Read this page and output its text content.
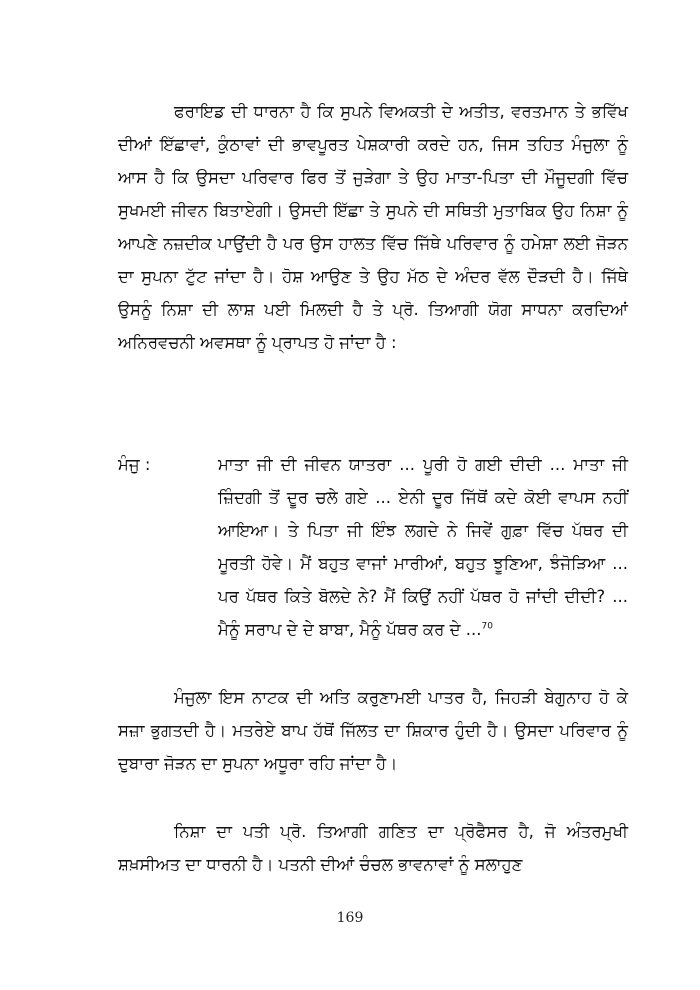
ਫਰਾਇਡ ਦੀ ਧਾਰਨਾ ਹੈ ਕਿ ਸੁਪਨੇ ਵਿਅਕਤੀ ਦੇ ਅਤੀਤ, ਵਰਤਮਾਨ ਤੇ ਭਵਿੱਖ ਦੀਆਂ ਇੱਛਾਵਾਂ, ਕੁੰਠਾਵਾਂ ਦੀ ਭਾਵਪੂਰਤ ਪੇਸ਼ਕਾਰੀ ਕਰਦੇ ਹਨ, ਜਿਸ ਤਹਿਤ ਮੰਜੁਲਾ ਨੂੰ ਆਸ ਹੈ ਕਿ ਉਸਦਾ ਪਰਿਵਾਰ ਫਿਰ ਤੋਂ ਜੁੜੇਗਾ ਤੇ ਉਹ ਮਾਤਾ-ਪਿਤਾ ਦੀ ਮੌਜੂਦਗੀ ਵਿੱਚ ਸੁਖਮਈ ਜੀਵਨ ਬਿਤਾਏਗੀ। ਉਸਦੀ ਇੱਛਾ ਤੇ ਸੁਪਨੇ ਦੀ ਸਥਿਤੀ ਮੁਤਾਬਿਕ ਉਹ ਨਿਸ਼ਾ ਨੂੰ ਆਪਣੇ ਨਜ਼ਦੀਕ ਪਾਉਂਦੀ ਹੈ ਪਰ ਉਸ ਹਾਲਤ ਵਿੱਚ ਜਿੱਥੇ ਪਰਿਵਾਰ ਨੂੰ ਹਮੇਸ਼ਾ ਲਈ ਜੋੜਨ ਦਾ ਸੁਪਨਾ ਟੁੱਟ ਜਾਂਦਾ ਹੈ। ਹੋਸ਼ ਆਉਣ ਤੇ ਉਹ ਮੱਠ ਦੇ ਅੰਦਰ ਵੱਲ ਦੌੜਦੀ ਹੈ। ਜਿੱਥੇ ਉਸਨੂੰ ਨਿਸ਼ਾ ਦੀ ਲਾਸ਼ ਪਈ ਮਿਲਦੀ ਹੈ ਤੇ ਪ੍ਰੋ. ਤਿਆਗੀ ਯੋਗ ਸਾਧਨਾ ਕਰਦਿਆਂ ਅਨਿਰਵਚਨੀ ਅਵਸਥਾ ਨੂੰ ਪ੍ਰਾਪਤ ਹੋ ਜਾਂਦਾ ਹੈ :

ਮੰਜੁ :	ਮਾਤਾ ਜੀ ਦੀ ਜੀਵਨ ਯਾਤਰਾ ... ਪੂਰੀ ਹੋ ਗਈ ਦੀਦੀ ... ਮਾਤਾ ਜੀ ਜ਼ਿੰਦਗੀ ਤੋਂ ਦੂਰ ਚਲੇ ਗਏ ... ਏਨੀ ਦੂਰ ਜਿੱਥੋਂ ਕਦੇ ਕੋਈ ਵਾਪਸ ਨਹੀਂ ਆਇਆ। ਤੇ ਪਿਤਾ ਜੀ ਇੰਝ ਲਗਦੇ ਨੇ ਜਿਵੇਂ ਗੁਫ਼ਾ ਵਿੱਚ ਪੱਥਰ ਦੀ ਮੂਰਤੀ ਹੋਵੇ। ਮੈਂ ਬਹੁਤ ਵਾਜਾਂ ਮਾਰੀਆਂ, ਬਹੁਤ ਝੂਣਿਆ, ਝੰਜੋੜਿਆ ... ਪਰ ਪੱਥਰ ਕਿਤੇ ਬੋਲਦੇ ਨੇ? ਮੈਂ ਕਿਉਂ ਨਹੀਂ ਪੱਥਰ ਹੋ ਜਾਂਦੀ ਦੀਦੀ? ... ਮੈਨੂੰ ਸਰਾਪ ਦੇ ਦੇ ਬਾਬਾ, ਮੈਨੂੰ ਪੱਥਰ ਕਰ ਦੇ ...$^{70}$

ਮੰਜੁਲਾ ਇਸ ਨਾਟਕ ਦੀ ਅਤਿ ਕਰੁਣਾਮਈ ਪਾਤਰ ਹੈ, ਜਿਹੜੀ ਬੇਗੁਨਾਹ ਹੋ ਕੇ ਸਜ਼ਾ ਭੁਗਤਦੀ ਹੈ। ਮਤਰੇਏ ਬਾਪ ਹੱਥੋਂ ਜਿੱਲਤ ਦਾ ਸ਼ਿਕਾਰ ਹੁੰਦੀ ਹੈ। ਉਸਦਾ ਪਰਿਵਾਰ ਨੂੰ ਦੁਬਾਰਾ ਜੋੜਨ ਦਾ ਸੁਪਨਾ ਅਧੂਰਾ ਰਹਿ ਜਾਂਦਾ ਹੈ।

ਨਿਸ਼ਾ ਦਾ ਪਤੀ ਪ੍ਰੋ. ਤਿਆਗੀ ਗਣਿਤ ਦਾ ਪ੍ਰੋਫੈਸਰ ਹੈ, ਜੋ ਅੰਤਰਮੁਖੀ ਸ਼ਖ਼ਸੀਅਤ ਦਾ ਧਾਰਨੀ ਹੈ। ਪਤਨੀ ਦੀਆਂ ਚੰਚਲ ਭਾਵਨਾਵਾਂ ਨੂੰ ਸਲਾਹੁਣ

169
